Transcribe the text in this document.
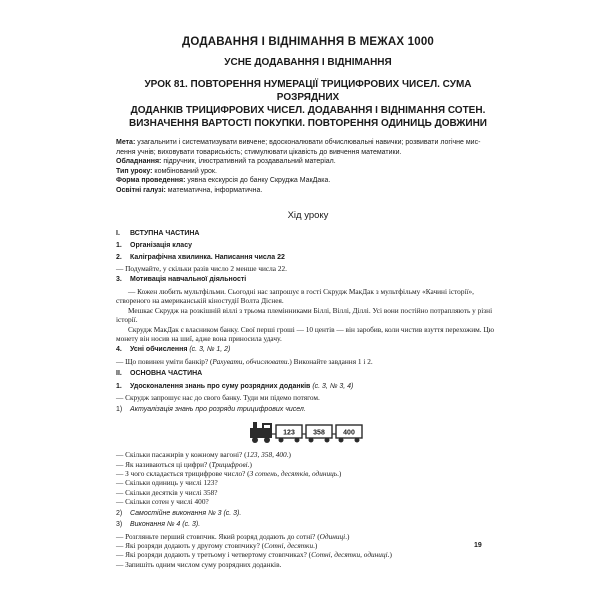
ДОДАВАННЯ І ВІДНІМАННЯ В МЕЖАХ 1000
УСНЕ ДОДАВАННЯ І ВІДНІМАННЯ
УРОК 81. ПОВТОРЕННЯ НУМЕРАЦІЇ ТРИЦИФРОВИХ ЧИСЕЛ. СУМА РОЗРЯДНИХ
ДОДАНКІВ ТРИЦИФРОВИХ ЧИСЕЛ. ДОДАВАННЯ І ВІДНІМАННЯ СОТЕН.
ВИЗНАЧЕННЯ ВАРТОСТІ ПОКУПКИ. ПОВТОРЕННЯ ОДИНИЦЬ ДОВЖИНИ

Мета: узагальнити і систематизувати вивчене; вдосконалювати обчислювальні навички; розвивати логічне мис-

лення учнів; виховувати товариськість; стимулювати цікавість до вивчення математики.

Обладнання: підручник, ілюстративний та роздавальний матеріал.

Тип уроку: комбінований урок.

Форма проведення: уявна екскурсія до банку Скруджа МакДака.

Освітні галузі: математична, інформатична.

Хід уроку
I.	ВСТУПНА ЧАСТИНА
1.	Організація класу
2.	Каліграфічна хвилинка. Написання числа 22

— Подумайте, у скільки разів число 2 менше числа 22.

3.	Мотивація навчальної діяльності

— Кожен любить мультфільми. Сьогодні нас запрошує в гості Скрудж МакДак з мультфільму «Качині історії», створеного на американській кіностудії Волта Діснея.

Мешкає Скрудж на розкішній віллі з трьома племінниками Біллі, Віллі, Діллі. Усі вони постійно потрапляють у різні історії.

Скрудж МакДак є власником банку. Свої перші гроші — 10 центів — він заробив, коли чистив взуття перехожим. Цю монету він носив на шиї, адже вона приносила удачу.

4.	Усні обчислення (с. 3, № 1, 2)

— Що повинен уміти банкір? (Рахувати, обчислювати.) Виконайте завдання 1 і 2.

II.	ОСНОВНА ЧАСТИНА
1.	Удосконалення знань про суму розрядних доданків (с. 3, № 3, 4)

— Скрудж запрошує нас до свого банку. Туди ми підемо потягом.

1)	Актуалізація знань про розряди трицифрових чисел.
123	358	400

— Скільки пасажирів у кожному вагоні? (123, 358, 400.)

— Як називаються ці цифри? (Трицифрові.)

— З чого складається трицифрове число? (З сотень, десятків, одиниць.)

— Скільки одиниць у числі 123?

— Скільки десятків у числі 358?

— Скільки сотен у числі 400?

2)	Самостійне виконання № 3 (с. 3).
3)	Виконання № 4 (с. 3).

— Розгляньте перший стовпчик. Який розряд додають до сотні? (Одиниці.)

— Які розряди додають у другому стовпчику? (Сотні, десятки.)

— Які розряди додають у третьому і четвертому стовпчиках? (Сотні, десятки, одиниці.)

— Запишіть одним числом суму розрядних доданків.

19
